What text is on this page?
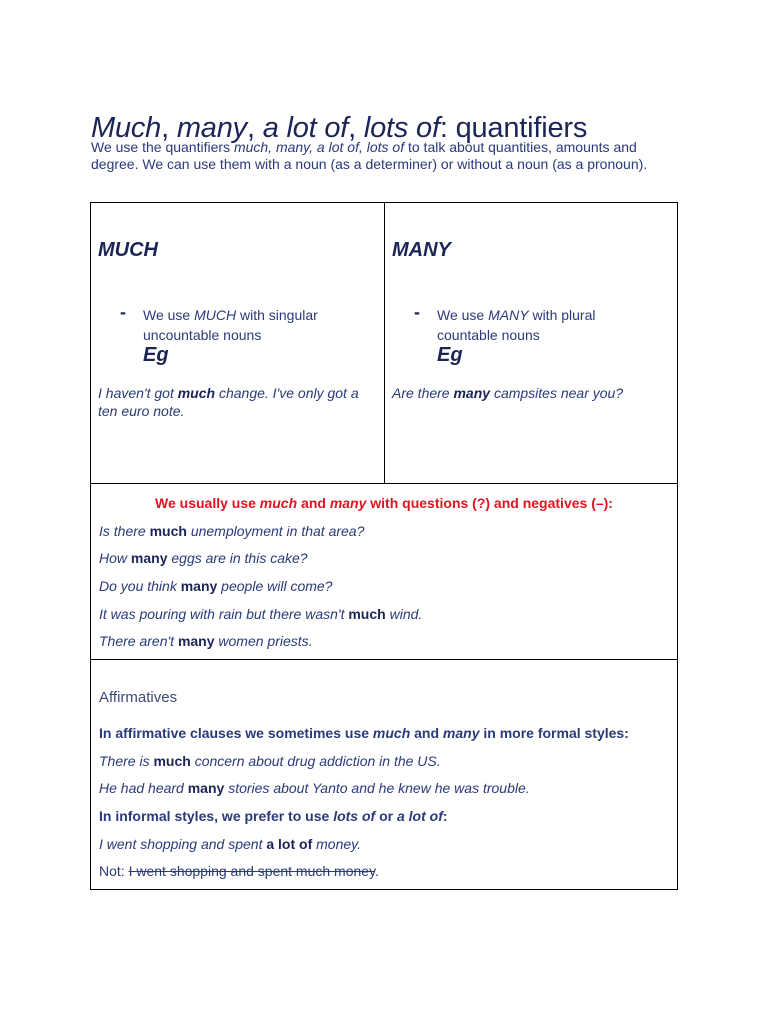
Much, many, a lot of, lots of: quantifiers

We use the quantifiers much, many, a lot of, lots of to talk about quantities, amounts and degree. We can use them with a noun (as a determiner) or without a noun (as a pronoun).

MUCH
- We use MUCH with singular uncountable nouns
Eg
I haven't got much change. I've only got a ten euro note.
MANY
- We use MANY with plural countable nouns
Eg
Are there many campsites near you?
We usually use much and many with questions (?) and negatives (–):
Is there much unemployment in that area?
How many eggs are in this cake?
Do you think many people will come?
It was pouring with rain but there wasn't much wind.
There aren't many women priests.
Affirmatives
In affirmative clauses we sometimes use much and many in more formal styles:
There is much concern about drug addiction in the US.
He had heard many stories about Yanto and he knew he was trouble.
In informal styles, we prefer to use lots of or a lot of:
I went shopping and spent a lot of money.
Not: I went shopping and spent much money.
